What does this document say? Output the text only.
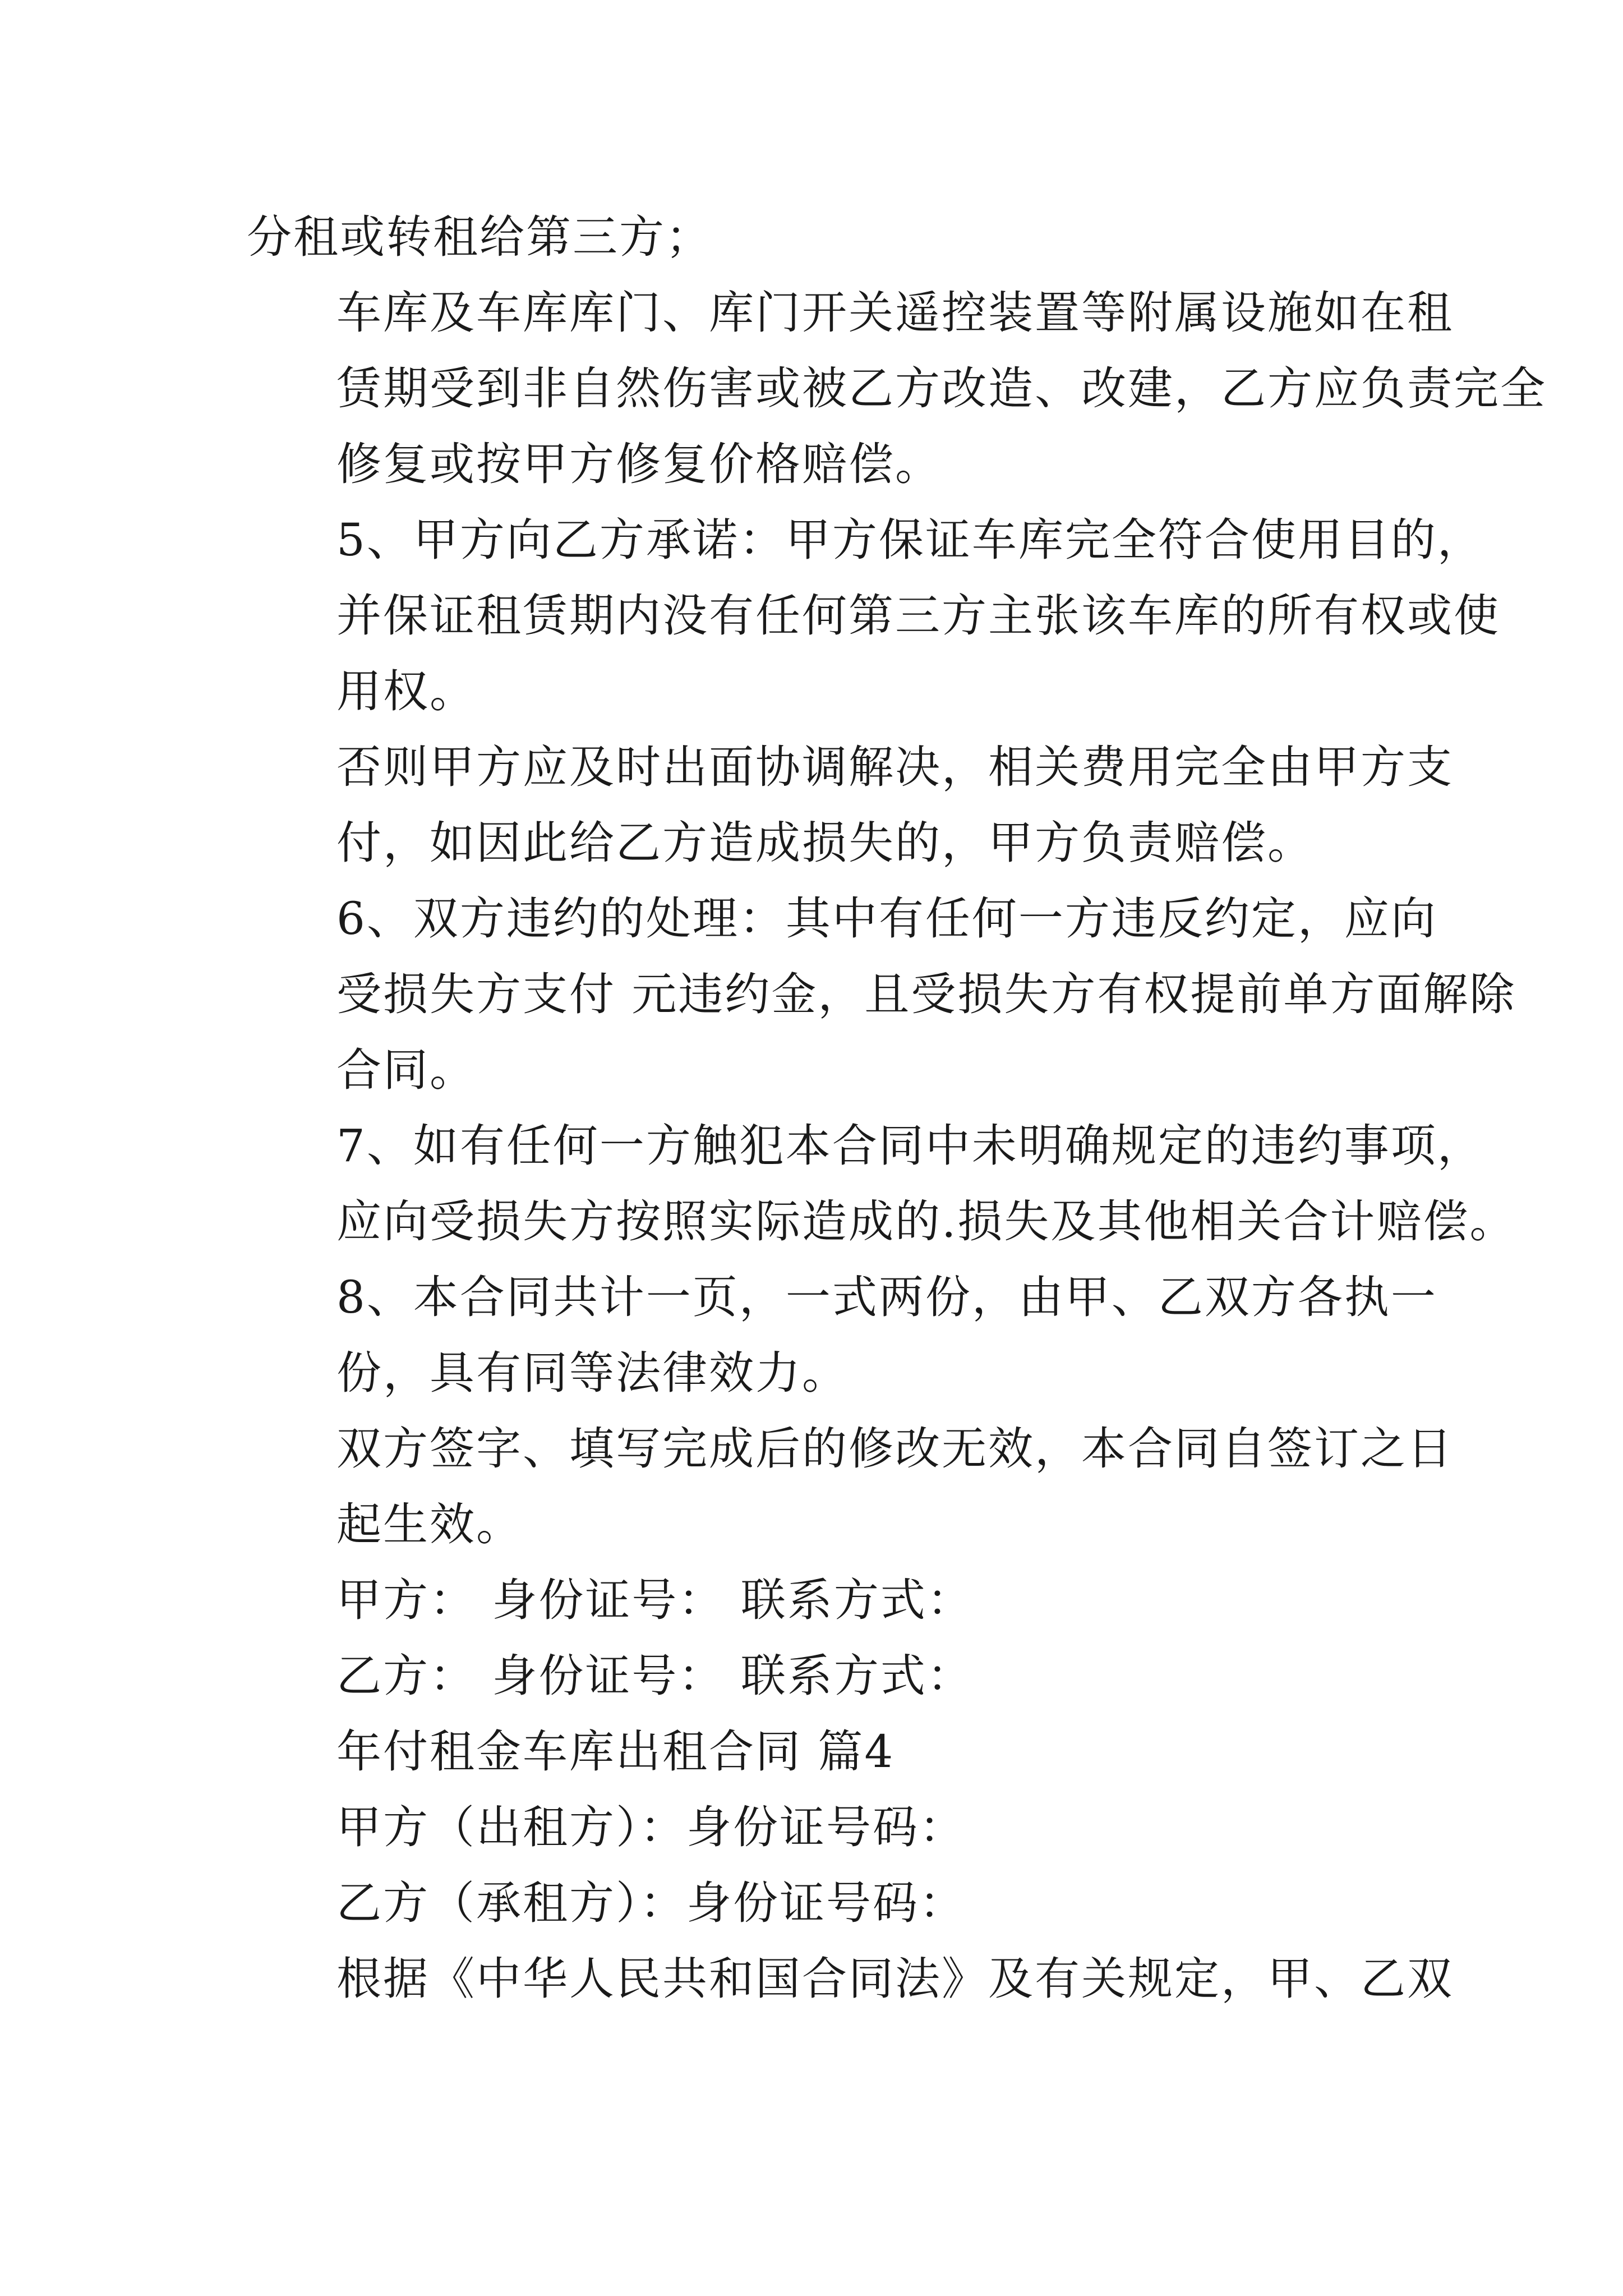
分租或转租给第三方；

车库及车库库门、库门开关遥控装置等附属设施如在租
赁期受到非自然伤害或被乙方改造、改建，乙方应负责完全
修复或按甲方修复价格赔偿。

5、甲方向乙方承诺：甲方保证车库完全符合使用目的，
并保证租赁期内没有任何第三方主张该车库的所有权或使
用权。

否则甲方应及时出面协调解决，相关费用完全由甲方支
付，如因此给乙方造成损失的，甲方负责赔偿。

6、双方违约的处理：其中有任何一方违反约定，应向
受损失方支付 元违约金，且受损失方有权提前单方面解除
合同。

7、如有任何一方触犯本合同中未明确规定的违约事项，
应向受损失方按照实际造成的.损失及其他相关合计赔偿。

8、本合同共计一页，一式两份，由甲、乙双方各执一
份，具有同等法律效力。

双方签字、填写完成后的修改无效，本合同自签订之日
起生效。

甲方： 身份证号： 联系方式：

乙方： 身份证号： 联系方式：

年付租金车库出租合同 篇4

甲方（出租方）：身份证号码：

乙方（承租方）：身份证号码：

根据《中华人民共和国合同法》及有关规定，甲、乙双
